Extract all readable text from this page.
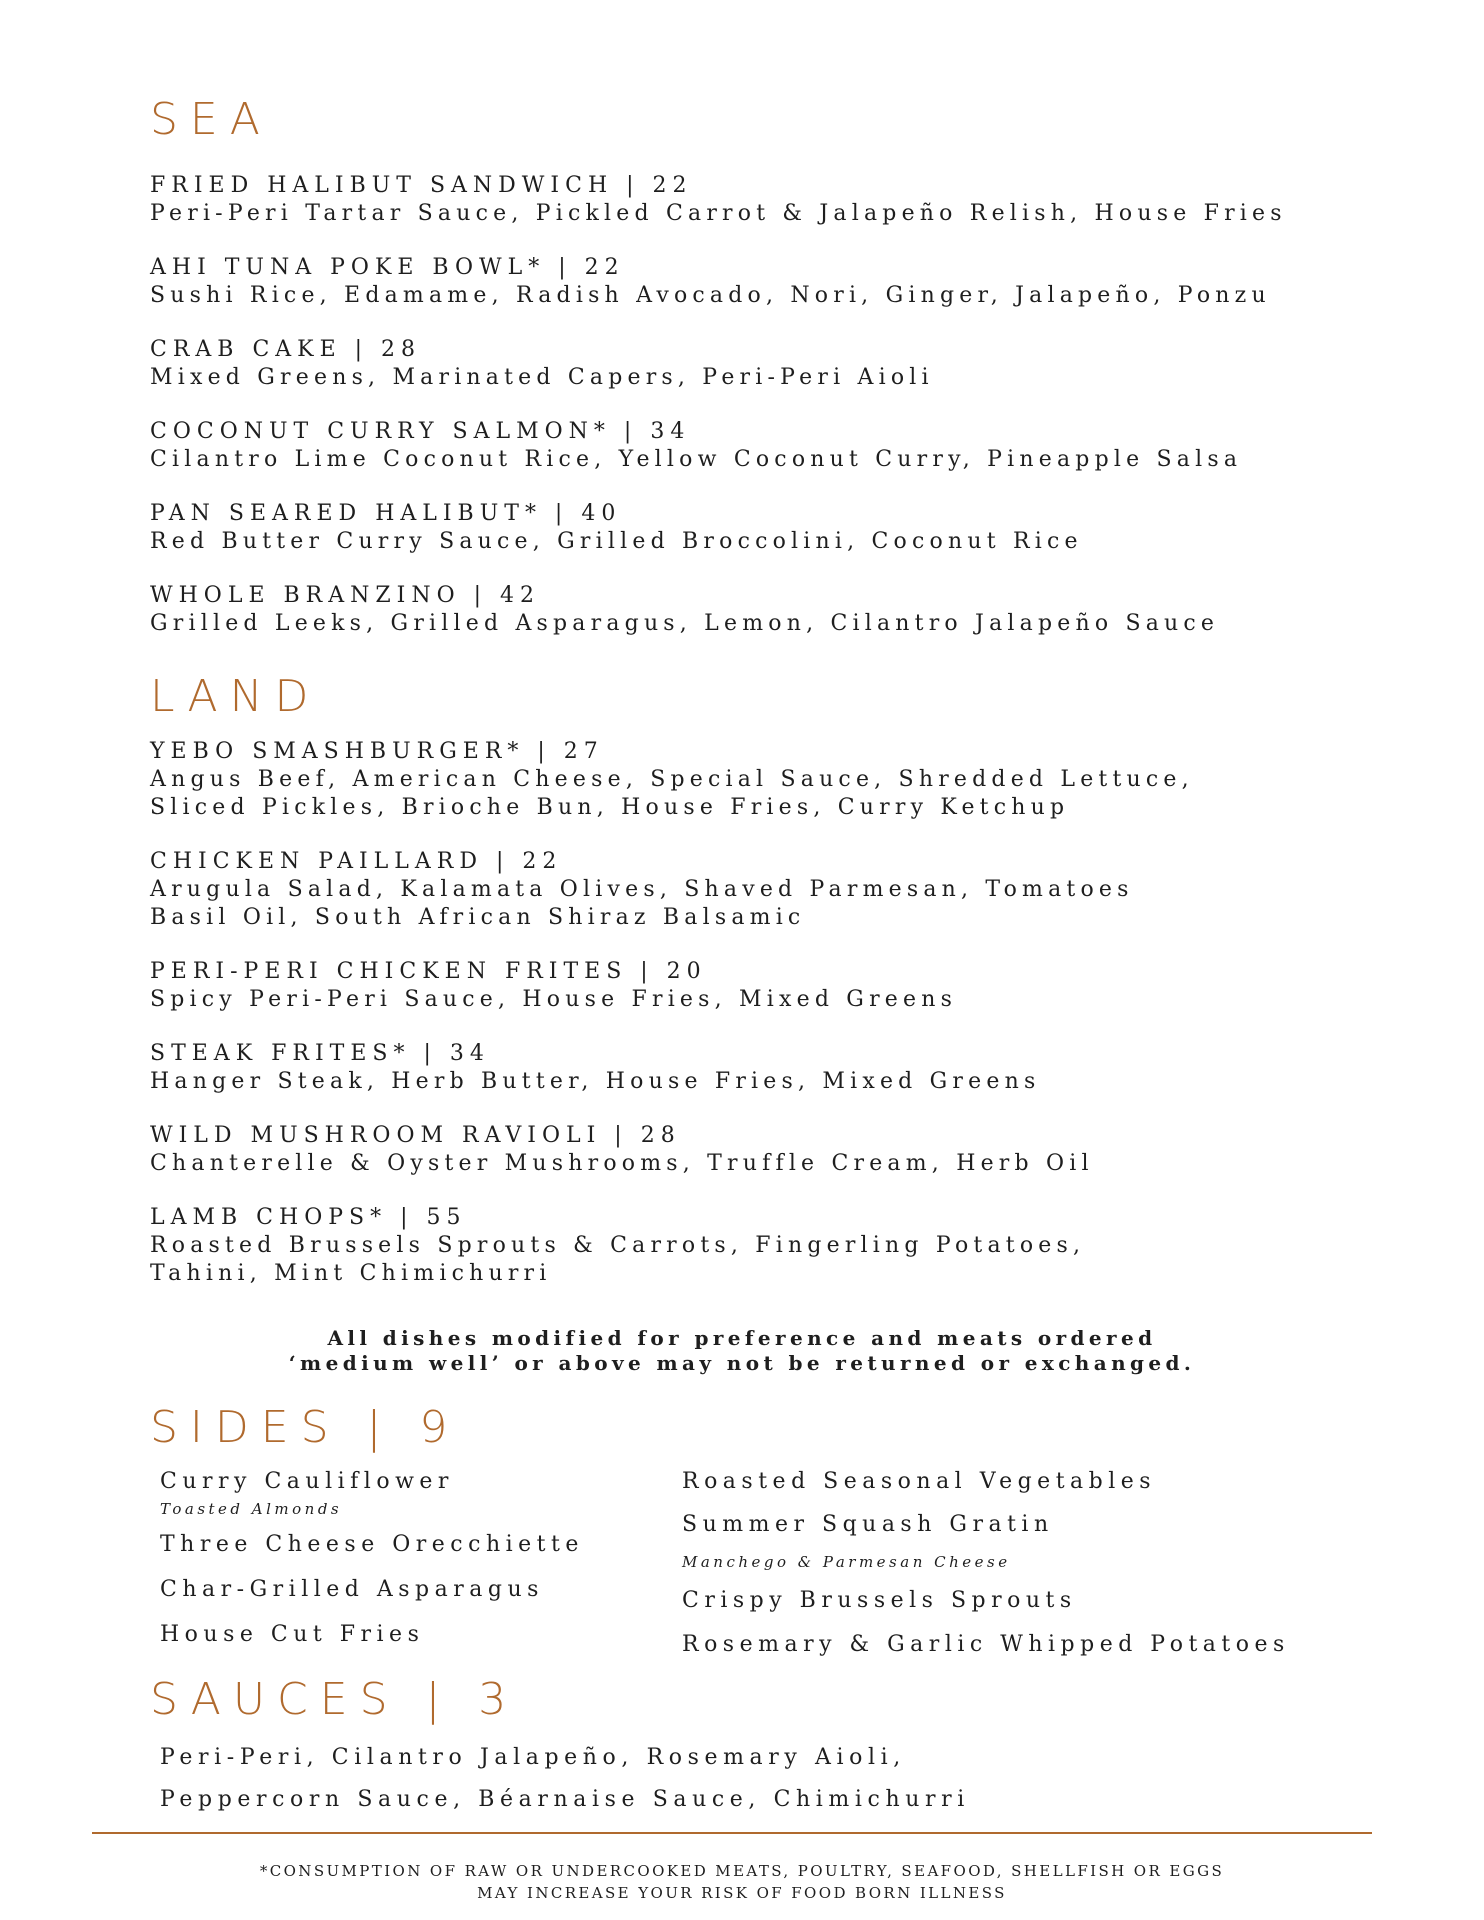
SEA
FRIED HALIBUT SANDWICH | 22
Peri-Peri Tartar Sauce, Pickled Carrot & Jalapeño Relish, House Fries
AHI TUNA POKE BOWL* | 22
Sushi Rice, Edamame, Radish Avocado, Nori, Ginger, Jalapeño, Ponzu
CRAB CAKE | 28
Mixed Greens, Marinated Capers, Peri-Peri Aioli
COCONUT CURRY SALMON* | 34
Cilantro Lime Coconut Rice, Yellow Coconut Curry, Pineapple Salsa
PAN SEARED HALIBUT* | 40
Red Butter Curry Sauce, Grilled Broccolini, Coconut Rice
WHOLE BRANZINO | 42
Grilled Leeks, Grilled Asparagus, Lemon, Cilantro Jalapeño Sauce
LAND
YEBO SMASHBURGER* | 27
Angus Beef, American Cheese, Special Sauce, Shredded Lettuce,
Sliced Pickles, Brioche Bun, House Fries, Curry Ketchup
CHICKEN PAILLARD | 22
Arugula Salad, Kalamata Olives, Shaved Parmesan, Tomatoes
Basil Oil, South African Shiraz Balsamic
PERI-PERI CHICKEN FRITES | 20
Spicy Peri-Peri Sauce, House Fries, Mixed Greens
STEAK FRITES* | 34
Hanger Steak, Herb Butter, House Fries, Mixed Greens
WILD MUSHROOM RAVIOLI | 28
Chanterelle & Oyster Mushrooms, Truffle Cream, Herb Oil
LAMB CHOPS* | 55
Roasted Brussels Sprouts & Carrots, Fingerling Potatoes,
Tahini, Mint Chimichurri
All dishes modified for preference and meats ordered
‘medium well’ or above may not be returned or exchanged.
SIDES | 9
Curry Cauliflower
Toasted Almonds
Three Cheese Orecchiette
Char-Grilled Asparagus
House Cut Fries
Roasted Seasonal Vegetables
Summer Squash Gratin
Manchego & Parmesan Cheese
Crispy Brussels Sprouts
Rosemary & Garlic Whipped Potatoes
SAUCES | 3
Peri-Peri, Cilantro Jalapeño, Rosemary Aioli,
Peppercorn Sauce, Béarnaise Sauce, Chimichurri
*CONSUMPTION OF RAW OR UNDERCOOKED MEATS, POULTRY, SEAFOOD, SHELLFISH OR EGGS
MAY INCREASE YOUR RISK OF FOOD BORN ILLNESS
